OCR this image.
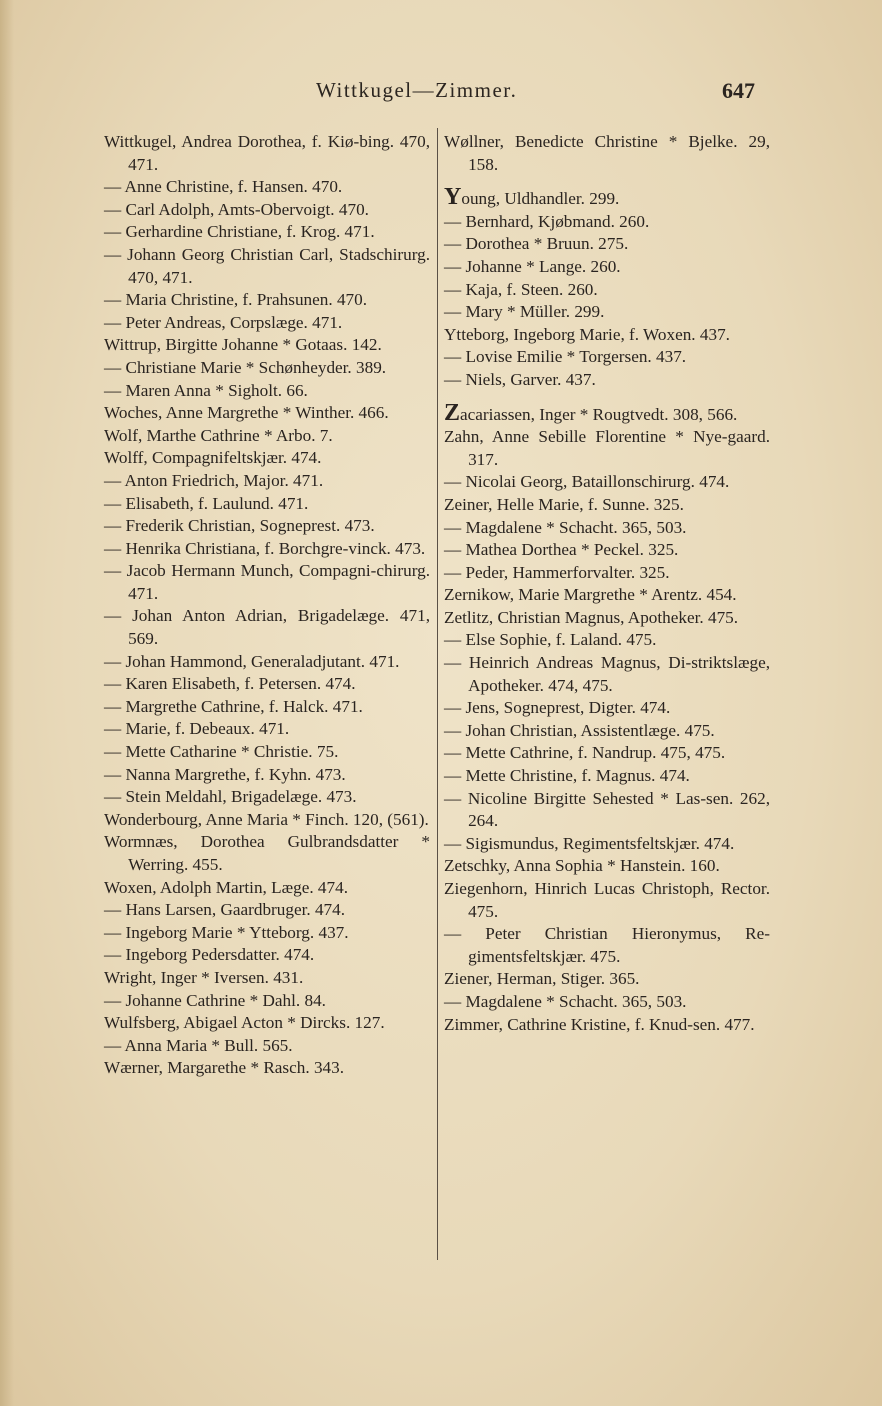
Wittkugel—Zimmer.	647
Wittkugel, Andrea Dorothea, f. Kiø-bing. 470, 471.
— Anne Christine, f. Hansen. 470.
— Carl Adolph, Amts-Obervoigt. 470.
— Gerhardine Christiane, f. Krog. 471.
— Johann Georg Christian Carl, Stadschirurg. 470, 471.
— Maria Christine, f. Prahsunen. 470.
— Peter Andreas, Corpslæge. 471.
Wittrup, Birgitte Johanne * Gotaas. 142.
— Christiane Marie * Schønheyder. 389.
— Maren Anna * Sigholt. 66.
Woches, Anne Margrethe * Winther. 466.
Wolf, Marthe Cathrine * Arbo. 7.
Wolff, Compagnifeltskjær. 474.
— Anton Friedrich, Major. 471.
— Elisabeth, f. Laulund. 471.
— Frederik Christian, Sogneprest. 473.
— Henrika Christiana, f. Borchgre-vinck. 473.
— Jacob Hermann Munch, Compagni-chirurg. 471.
— Johan Anton Adrian, Brigadelæge. 471, 569.
— Johan Hammond, Generaladjutant. 471.
— Karen Elisabeth, f. Petersen. 474.
— Margrethe Cathrine, f. Halck. 471.
— Marie, f. Debeaux. 471.
— Mette Catharine * Christie. 75.
— Nanna Margrethe, f. Kyhn. 473.
— Stein Meldahl, Brigadelæge. 473.
Wonderbourg, Anne Maria * Finch. 120, (561).
Wormnæs, Dorothea Gulbrandsdatter * Werring. 455.
Woxen, Adolph Martin, Læge. 474.
— Hans Larsen, Gaardbruger. 474.
— Ingeborg Marie * Ytteborg. 437.
— Ingeborg Pedersdatter. 474.
Wright, Inger * Iversen. 431.
— Johanne Cathrine * Dahl. 84.
Wulfsberg, Abigael Acton * Dircks. 127.
— Anna Maria * Bull. 565.
Wærner, Margarethe * Rasch. 343.
Wøllner, Benedicte Christine * Bjelke. 29, 158.
Young, Uldhandler. 299.
— Bernhard, Kjøbmand. 260.
— Dorothea * Bruun. 275.
— Johanne * Lange. 260.
— Kaja, f. Steen. 260.
— Mary * Müller. 299.
Ytteborg, Ingeborg Marie, f. Woxen. 437.
— Lovise Emilie * Torgersen. 437.
— Niels, Garver. 437.
Zacariassen, Inger * Rougtvedt. 308, 566.
Zahn, Anne Sebille Florentine * Nye-gaard. 317.
— Nicolai Georg, Bataillonschirurg. 474.
Zeiner, Helle Marie, f. Sunne. 325.
— Magdalene * Schacht. 365, 503.
— Mathea Dorthea * Peckel. 325.
— Peder, Hammerforvalter. 325.
Zernikow, Marie Margrethe * Arentz. 454.
Zetlitz, Christian Magnus, Apotheker. 475.
— Else Sophie, f. Laland. 475.
— Heinrich Andreas Magnus, Di-striktslæge, Apotheker. 474, 475.
— Jens, Sogneprest, Digter. 474.
— Johan Christian, Assistentlæge. 475.
— Mette Cathrine, f. Nandrup. 475, 475.
— Mette Christine, f. Magnus. 474.
— Nicoline Birgitte Sehested * Las-sen. 262, 264.
— Sigismundus, Regimentsfeltskjær. 474.
Zetschky, Anna Sophia * Hanstein. 160.
Ziegenhorn, Hinrich Lucas Christoph, Rector. 475.
— Peter Christian Hieronymus, Re-gimentsfeltskjær. 475.
Ziener, Herman, Stiger. 365.
— Magdalene * Schacht. 365, 503.
Zimmer, Cathrine Kristine, f. Knud-sen. 477.
